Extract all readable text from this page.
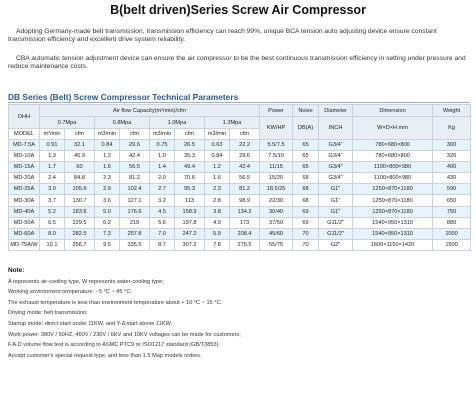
B(belt driven)Series Screw Air Compressor
Adopting Germany-made belt transmission, transmission efficiency can reach 99%, unique BCA tension auto adjusting device ensure constant transmission efficiency and excellent drive system reliability.
CBA automatic tension adjustment device can ensure the air compressor to be the best continuous transmission efficiency in setting under pressure and reduce maintenance costs.
DB Series (Belt) Screw Compressor Technical Parameters
DHH	Air flow Capacity(m³/min)/cfm								Power	Noise	Diameter	Dimension	Weight
	0.7Mpa		0.8Mpa		1.0Mpa		1.3Mpa		KW/HP	DB(A)	INCH	W×D×H mm	Kg
MODEL	m³/min	cfm	m3/min	cfm	m3/min	cfm	m3/min	cfm					
MD-7.5A	0.91	32.1	0.84	29.6	0.75	26.5	0.63	22.2	5.5/7.5	65	G3/4"	780×680×800	300
MD-10A	1.3	45.9	1.2	42.4	1.0	35.3	0.84	29.6	7.5/10	65	G3/4"	780×680×800	320
MD-15A	1.7	60	1.6	56.5	1.4	49.4	1.2	42.4	11/15	65	G3/4"	1100×800×980	400
MD-20A	2.4	84.8	2.3	81.2	2.0	70.6	1.6	56.5	15/20	68	G3/4"	1100×800×980	430
MD-25A	3.0	105.9	2.9	102.4	2.7	95.3	2.3	81.2	18.5/25	68	G1"	1250×870×1180	590
MD-30A	3.7	130.7	3.6	127.1	3.2	113	2.8	98.9	22/30	68	G1"	1250×870×1180	650
MD-40A	5.2	183.6	5.0	176.6	4.5	158.9	3.8	134.2	30/40	69	G1"	1250×870×1180	750
MD-50A	6.5	229.5	6.2	219	5.6	197.8	4.9	173	37/50	69	G11/2"	1540×950×1310	880
MD-60A	8.0	282.5	7.3	257.8	7.0	247.2	5.9	208.4	45/60	70	G11/2"	1540×950×1310	1000
MD-75A/W	10.1	356.7	9.5	335.5	8.7	307.2	7.8	275.5	55/75	70	G2"	1600×1150×1420	1500
Note:
A represents air-cooling type, W represents water-cooling type;
Working environment temperature: - 5 °C ~ 45 °C;
The exhaust temperature is less than environment temperature about + 10 °C ~ 15 °C.
Driving mode: belt transmission;
Startup mode: direct start under 11KW, and Y-Δ start above 11KW;
Work power: 380V / 50HZ, 460V / 230V / 6KV and 10KV voltages can be made for customers;
F.A.D volume flow test is according to ASMC PTC9 or ISO1217 standard (GB/T3853).
Accept customer's special request type, and less than 1.5 Map models orders.
